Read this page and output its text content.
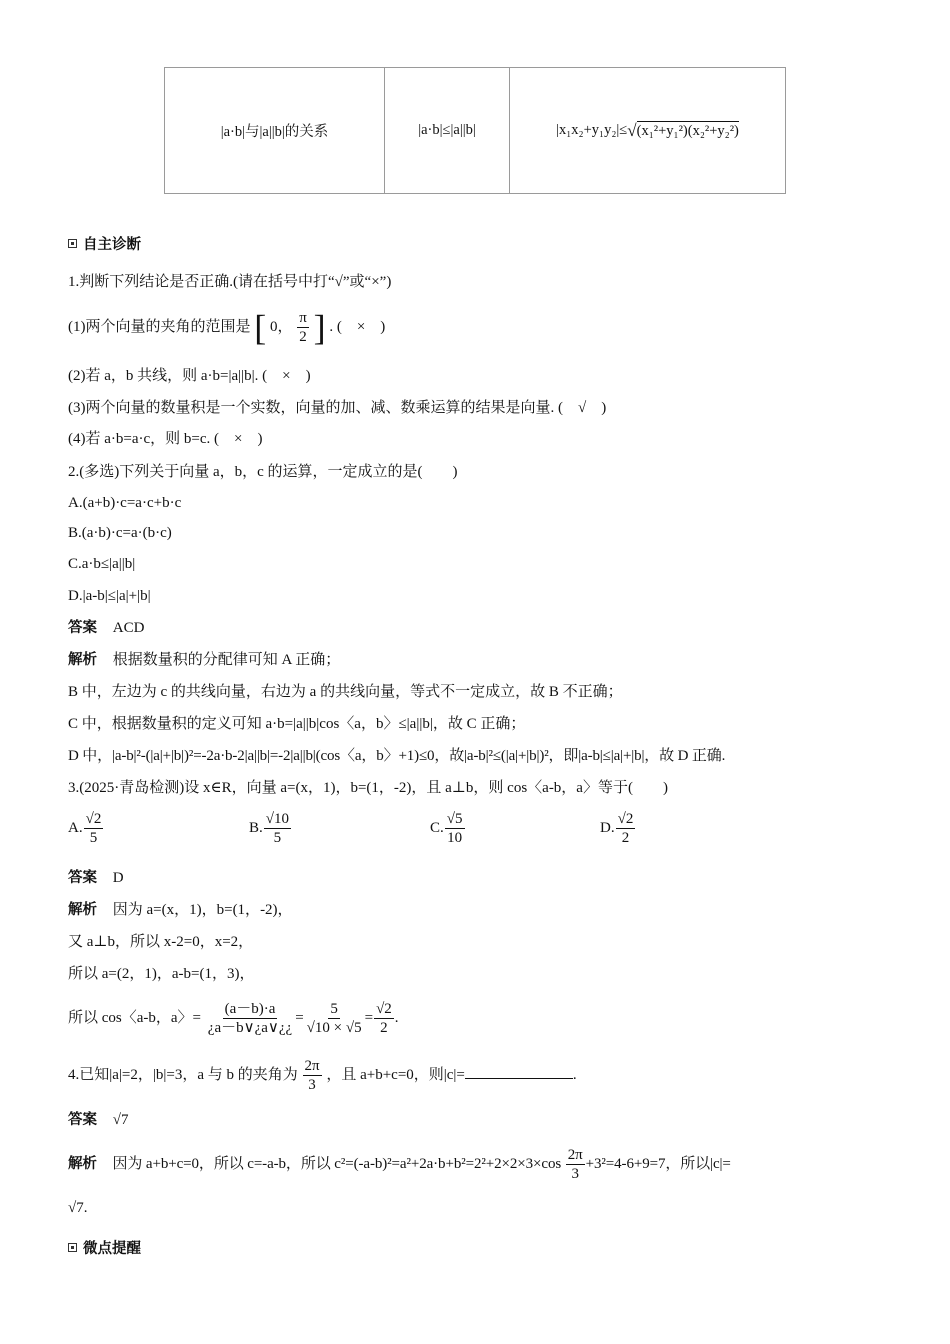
|a·b|与|a||b|的关系	|a·b|≤|a||b|	|x₁x₂+y₁y₂|≤ √ (x₁²+y₁²)(x₂²+y₂²)
自主诊断
1.判断下列结论是否正确.(请在括号中打“√”或“×”)
(1)两个向量的夹角的范围是 [ 0， $\frac{\pi}{2}$ ] . (　×　)
(2)若 a，b 共线，则 a·b=|a||b|. (　×　)
(3)两个向量的数量积是一个实数，向量的加、减、数乘运算的结果是向量. (　√　)
(4)若 a·b=a·c，则 b=c. (　×　)
2.(多选)下列关于向量 a，b，c 的运算，一定成立的是(　　)
A.(a+b)·c=a·c+b·c
B.(a·b)·c=a·(b·c)
C.a·b≤|a||b|
D.|a-b|≤|a|+|b|
答案 ACD
解析 根据数量积的分配律可知 A 正确；
B 中，左边为 c 的共线向量，右边为 a 的共线向量，等式不一定成立，故 B 不正确；
C 中，根据数量积的定义可知 a·b=|a||b|cos〈a，b〉≤|a||b|，故 C 正确；
D 中，|a-b|²-(|a|+|b|)²=-2a·b-2|a||b|=-2|a||b|(cos〈a，b〉+1)≤0，故|a-b|²≤(|a|+|b|)²，即|a-b|≤|a|+|b|，故 D 正确.
3.(2025·青岛检测)设 x∈R，向量 a=(x，1)，b=(1，-2)，且 a⊥b，则 cos〈a-b，a〉等于(　　)
A. $\frac{√2}{5}$	B. $\frac{√10}{5}$	C. $\frac{√5}{10}$	D. $\frac{√2}{2}$
答案 D
解析 因为 a=(x，1)，b=(1，-2)，
又 a⊥b，所以 x-2=0，x=2，
所以 a=(2，1)，a-b=(1，3)，
所以 cos〈a-b，a〉= $\frac{(a-b)\cdot a}{¿a-b\vee¿a\vee¿¿} = \frac{5}{√10 \times √5} = \frac{√2}{2}$ .
4.已知|a|=2，|b|=3，a 与 b 的夹角为 $\frac{2\pi}{3}$ ，且 a+b+c=0，则|c|=	.
答案 √7
解析 因为 a+b+c=0，所以 c=-a-b，所以 $c^2=(-a-b)^2=a^2+2a\cdot b+b^2=2^2+2\times 2\times 3\times\cos \frac{2\pi}{3} +3^2=4-6+9=7$，所以|c|=
√7.
微点提醒
